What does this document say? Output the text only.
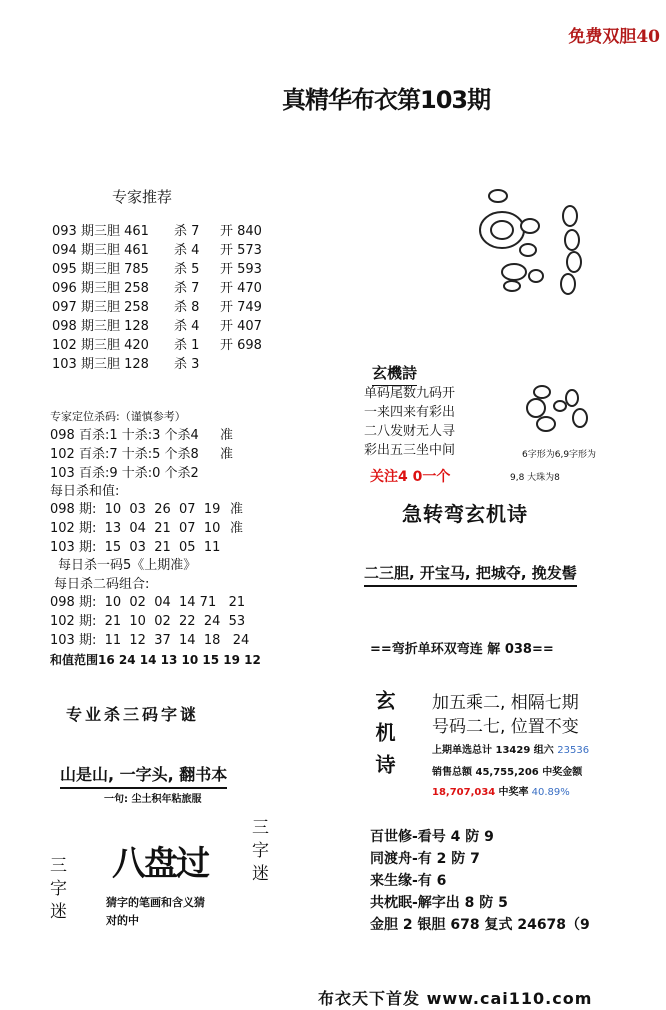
免费双胆40
真精华布衣第103期
专家推荐
093 期三胆 461 杀 7 开 840
094 期三胆 461 杀 4 开 573
095 期三胆 785 杀 5 开 593
096 期三胆 258 杀 7 开 470
097 期三胆 258 杀 8 开 749
098 期三胆 128 杀 4 开 407
102 期三胆 420 杀 1 开 698
103 期三胆 128 杀 3
专家定位杀码:（谨慎参考）
098 百杀:1 十杀:3 个杀4 准
102 百杀:7 十杀:5 个杀8 准
103 百杀:9 十杀:0 个杀2
每日杀和值:
098 期:  10  03  26  07  19 准
102 期:  13  04  21  07  10 准
103 期:  15  03  21  05  11
每日杀一码5《上期准》
每日杀二码组合:
098 期:  10  02  04  14 71   21
102 期:  21  10  02  22  24  53
103 期:  11  12  37  14  18   24
和值范围16 24 14 13 10 15 19 12
专业杀三码字谜
山是山, 一字头, 翻书本
一句: 尘土积年粘旅服
八盘过
猜字的笔画和含义猜
对的中
三字迷
三字迷
玄機詩
单码尾数九码开
一来四来有彩出
二八发财无人寻
彩出五三坐中间
关注4 0一个
6字形为6,9字形为
9,8 大珠为8
急转弯玄机诗
二三胆, 开宝马, 把城夺, 挽发髻
==弯折单环双弯连 解 038==
玄机诗 加五乘二, 相隔七期
号码二七, 位置不变
上期单选总计 13429 组六 23536
销售总额 45,755,206 中奖金额
18,707,034 中奖率 40.89%
百世修-看号 4 防 9
同渡舟-有 2 防 7
来生缘-有 6
共枕眠-解字出 8 防 5
金胆 2 银胆 678 复式 24678（9
布衣天下首发 www.cai110.com
